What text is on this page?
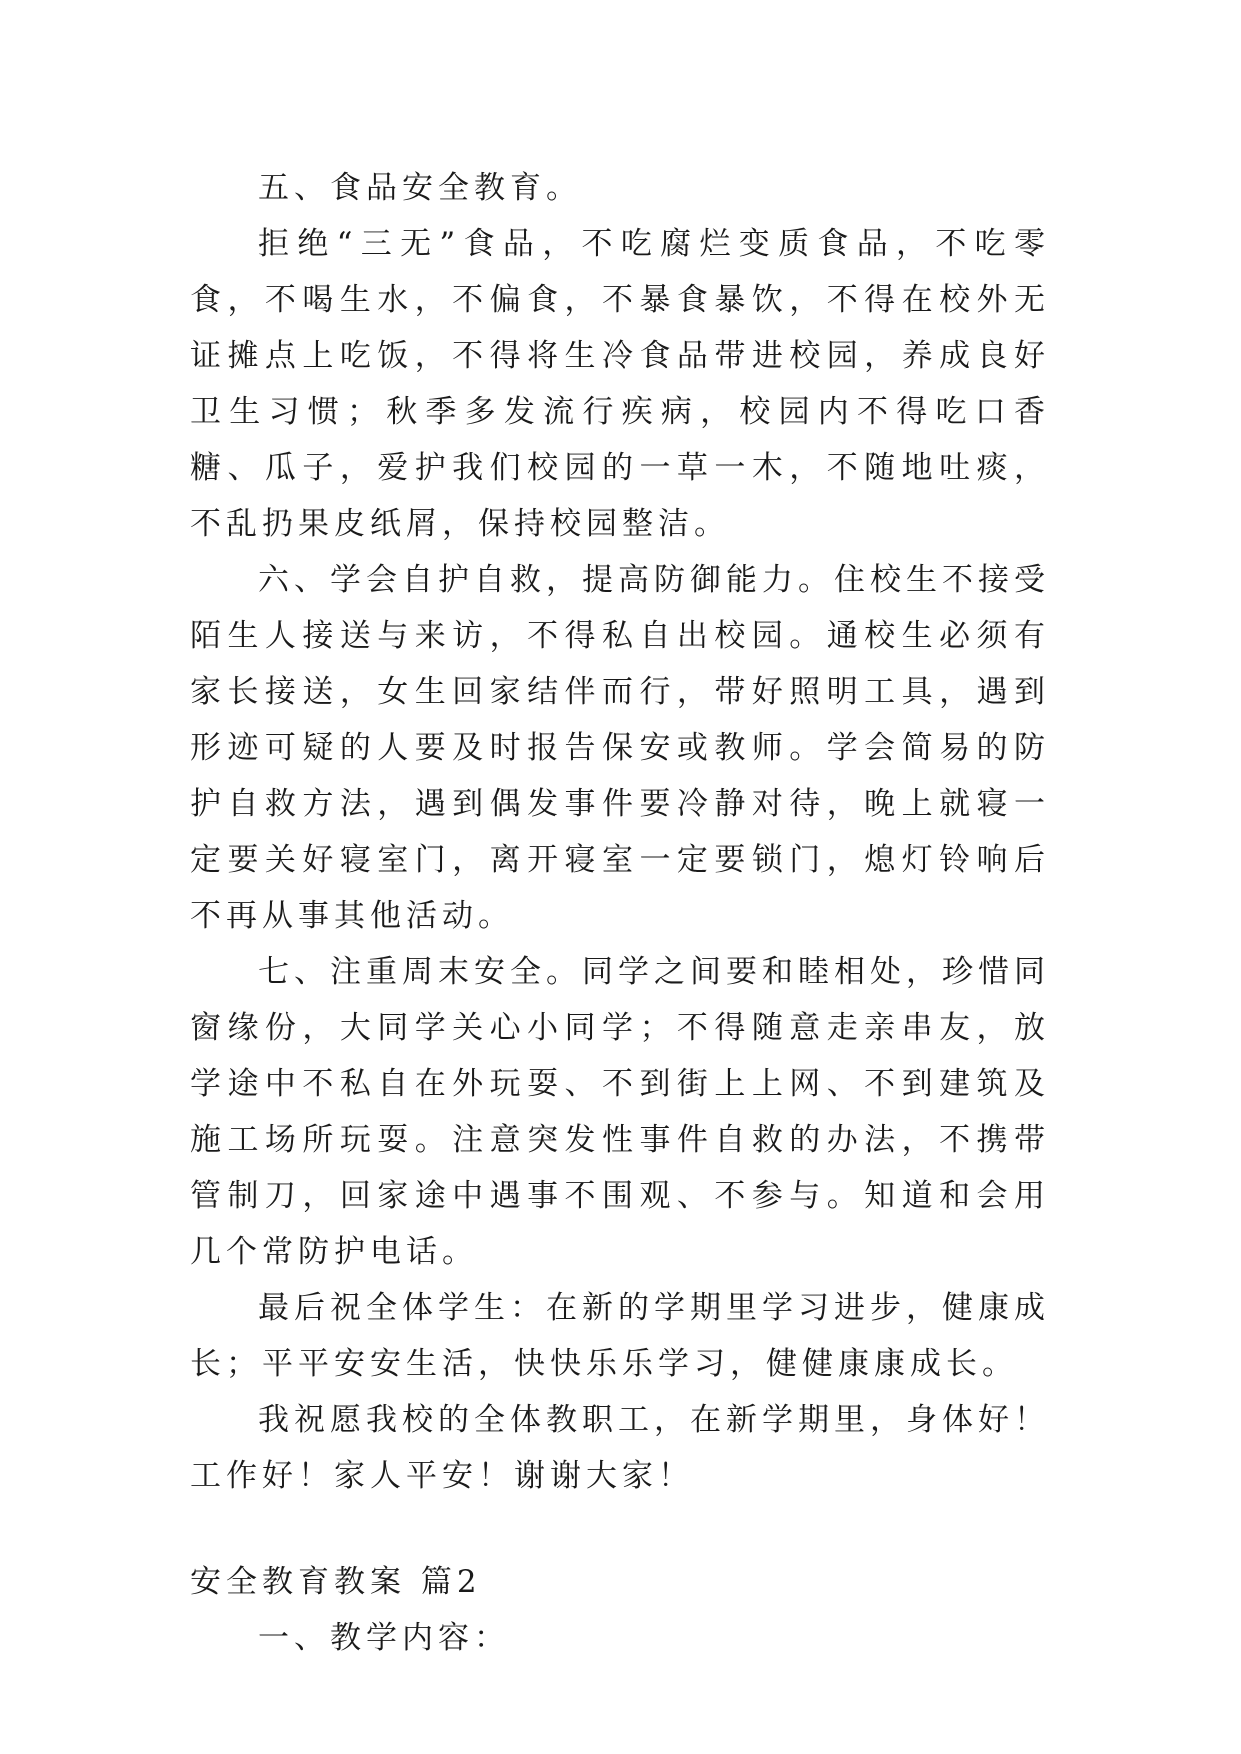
五、食品安全教育。

拒绝“三无”食品，不吃腐烂变质食品，不吃零食，不喝生水，不偏食，不暴食暴饮，不得在校外无证摊点上吃饭，不得将生冷食品带进校园，养成良好卫生习惯；秋季多发流行疾病，校园内不得吃口香糖、瓜子，爱护我们校园的一草一木，不随地吐痰，不乱扔果皮纸屑，保持校园整洁。

六、学会自护自救，提高防御能力。住校生不接受陌生人接送与来访，不得私自出校园。通校生必须有家长接送，女生回家结伴而行，带好照明工具，遇到形迹可疑的人要及时报告保安或教师。学会简易的防护自救方法，遇到偶发事件要冷静对待，晚上就寝一定要关好寝室门，离开寝室一定要锁门，熄灯铃响后不再从事其他活动。

七、注重周末安全。同学之间要和睦相处，珍惜同窗缘份，大同学关心小同学；不得随意走亲串友，放学途中不私自在外玩耍、不到街上上网、不到建筑及施工场所玩耍。注意突发性事件自救的办法，不携带管制刀，回家途中遇事不围观、不参与。知道和会用几个常防护电话。

最后祝全体学生：在新的学期里学习进步，健康成长；平平安安生活，快快乐乐学习，健健康康成长。

我祝愿我校的全体教职工，在新学期里，身体好！工作好！家人平安！谢谢大家！

安全教育教案 篇2

一、教学内容：
